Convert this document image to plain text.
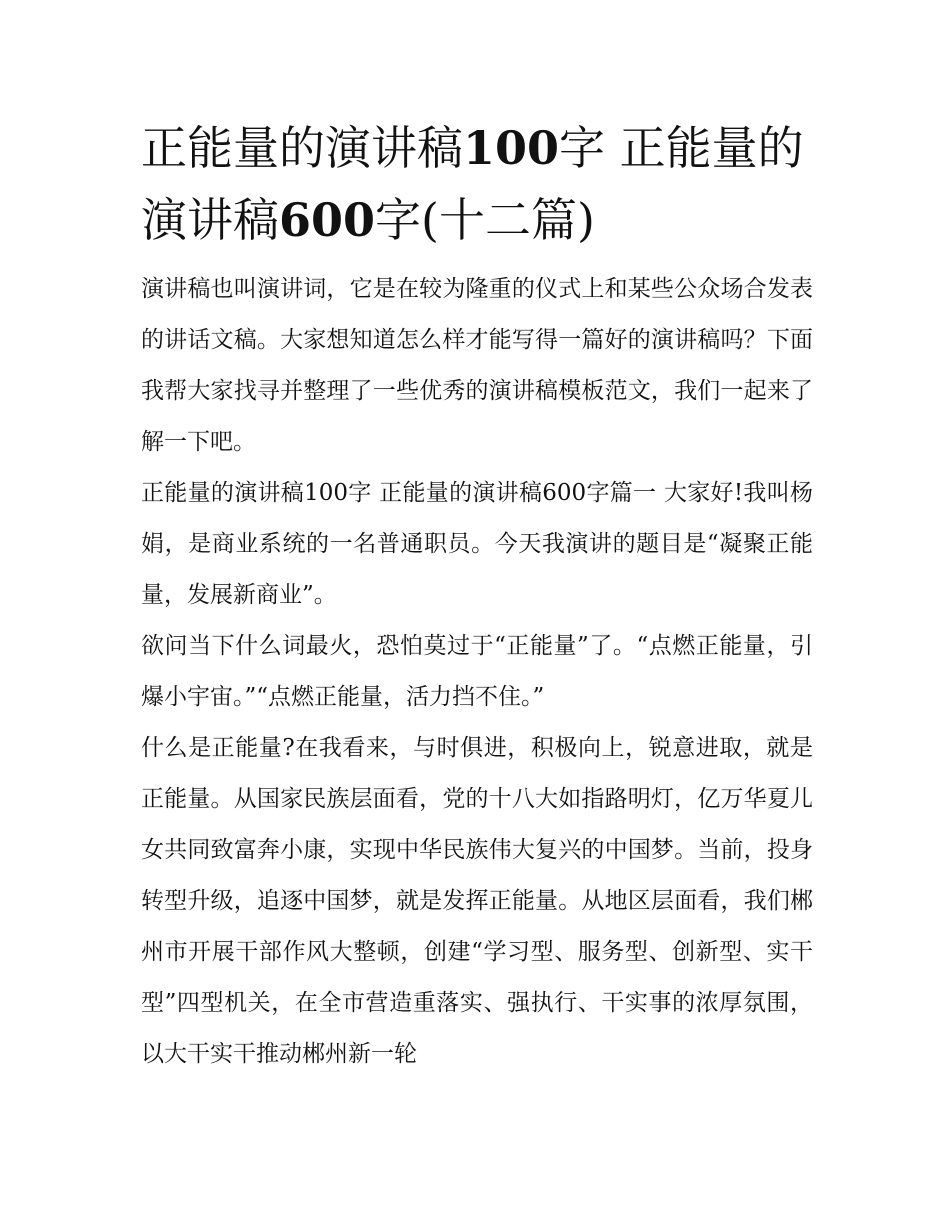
正能量的演讲稿100字 正能量的演讲稿600字(十二篇)

演讲稿也叫演讲词，它是在较为隆重的仪式上和某些公众场合发表的讲话文稿。大家想知道怎么样才能写得一篇好的演讲稿吗？下面我帮大家找寻并整理了一些优秀的演讲稿模板范文，我们一起来了解一下吧。

正能量的演讲稿100字 正能量的演讲稿600字篇一 大家好!我叫杨娟，是商业系统的一名普通职员。今天我演讲的题目是“凝聚正能量，发展新商业”。

欲问当下什么词最火，恐怕莫过于“正能量”了。“点燃正能量，引爆小宇宙。”“点燃正能量，活力挡不住。”

什么是正能量?在我看来，与时俱进，积极向上，锐意进取，就是正能量。从国家民族层面看，党的十八大如指路明灯，亿万华夏儿女共同致富奔小康，实现中华民族伟大复兴的中国梦。当前，投身转型升级，追逐中国梦，就是发挥正能量。从地区层面看，我们郴州市开展干部作风大整顿，创建“学习型、服务型、创新型、实干型”四型机关，在全市营造重落实、强执行、干实事的浓厚氛围，以大干实干推动郴州新一轮
